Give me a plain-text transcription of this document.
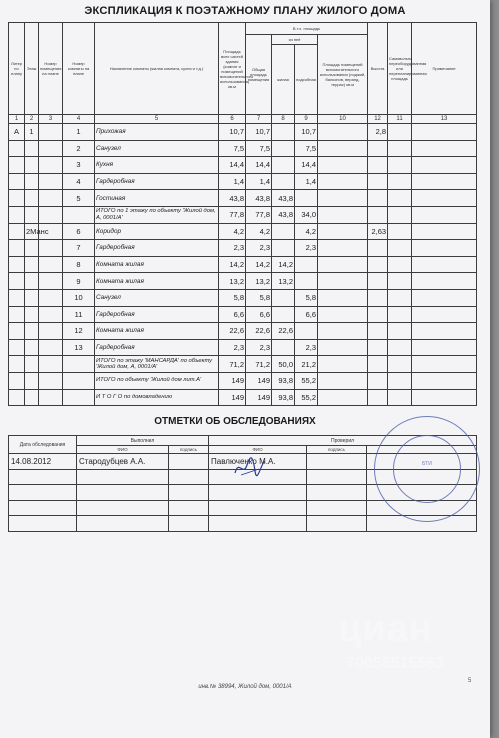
ЭКСПЛИКАЦИЯ К ПОЭТАЖНОМУ ПЛАНУ ЖИЛОГО ДОМА
Литер по плану	Этаж	Номер помещения на плане	Номер комнаты на плане	Назначение комнаты (жилая комната, кухня и т.д.)	Площадь всех частей здания (комнат и помещений вспомогательного использования) кв.м	В т.ч. площадь				Высота	Самовольно переоборудованная или перепланированная площадь	Примечание
						Общая площадь помещения	из неё		Площадь помещений вспомогательного использования (лоджий, балконов, веранд, террас) кв.м			
							жилая	подсобная				
1	2	3	4	5	6	7	8	9	10	12	11	13
А	1		1	Прихожая	10,7	10,7		10,7		2,8		
			2	Санузел	7,5	7,5		7,5				
			3	Кухня	14,4	14,4		14,4				
			4	Гардеробная	1,4	1,4		1,4				
			5	Гостиная	43,8	43,8	43,8					
				ИТОГО по 1 этажу по объекту 'Жилой дом, А, 0001/А'	77,8	77,8	43,8	34,0				
	2Манс		6	Коридор	4,2	4,2		4,2		2,63		
			7	Гардеробная	2,3	2,3		2,3				
			8	Комната жилая	14,2	14,2	14,2					
			9	Комната жилая	13,2	13,2	13,2					
			10	Санузел	5,8	5,8		5,8				
			11	Гардеробная	6,6	6,6		6,6				
			12	Комната жилая	22,6	22,6	22,6					
			13	Гардеробная	2,3	2,3		2,3				
				ИТОГО по этажу 'МАНСАРДА' по объекту 'Жилой дом, А, 0001/А'	71,2	71,2	50,0	21,2				
				ИТОГО по объекту 'Жилой дом лит.А'	149	149	93,8	55,2				
				И Т О Г О по домовладению	149	149	93,8	55,2				
ОТМЕТКИ ОБ ОБСЛЕДОВАНИЯХ
Дата обследования	Выполнил		Проверил		
	ФИО	подпись	ФИО	подпись	
14.08.2012	Стародубцев А.А.		Павлюченко М.А.		

						БТИ
циан
70058515563
инв.№ 38994, Жилой дом, 0001/А
5
